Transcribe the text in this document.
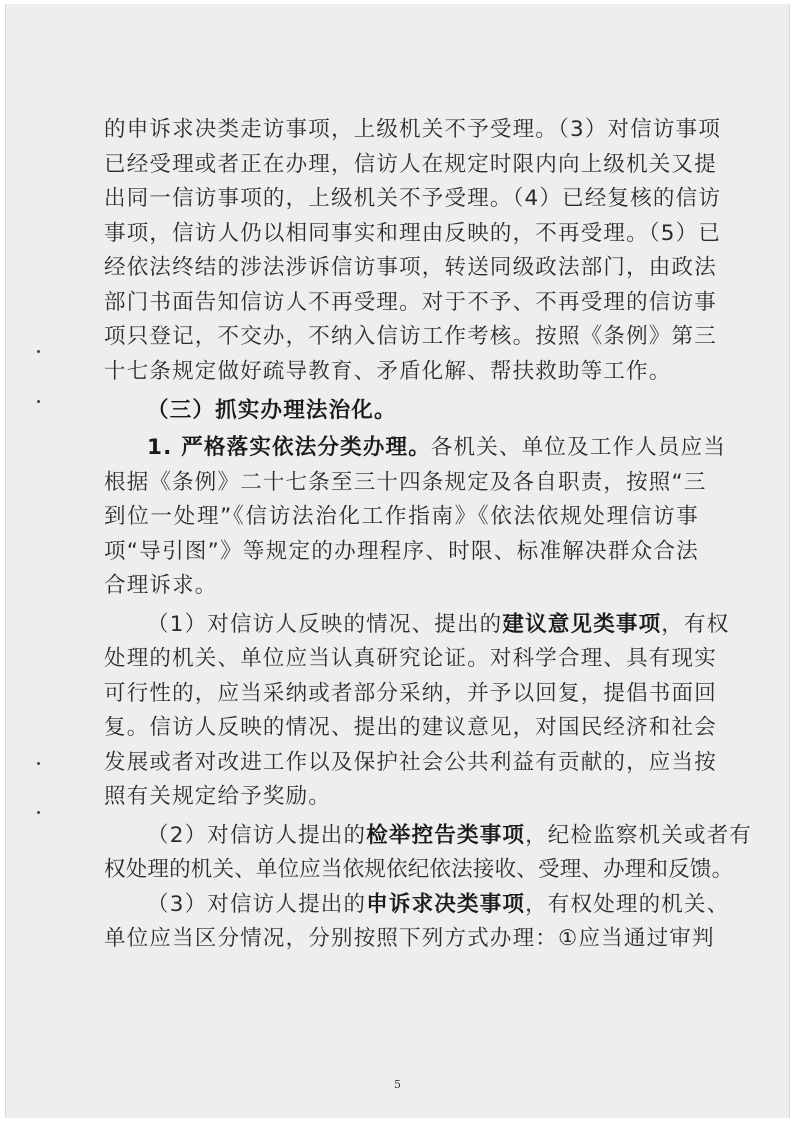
的申诉求决类走访事项，上级机关不予受理。（3）对信访事项
已经受理或者正在办理，信访人在规定时限内向上级机关又提
出同一信访事项的，上级机关不予受理。（4）已经复核的信访
事项，信访人仍以相同事实和理由反映的，不再受理。（5）已
经依法终结的涉法涉诉信访事项，转送同级政法部门，由政法
部门书面告知信访人不再受理。对于不予、不再受理的信访事
项只登记，不交办，不纳入信访工作考核。按照《条例》第三
十七条规定做好疏导教育、矛盾化解、帮扶救助等工作。

（三）抓实办理法治化。

1. 严格落实依法分类办理。各机关、单位及工作人员应当
根据《条例》二十七条至三十四条规定及各自职责，按照“三
到位一处理”《信访法治化工作指南》《依法依规处理信访事
项“导引图”》等规定的办理程序、时限、标准解决群众合法
合理诉求。

（1）对信访人反映的情况、提出的建议意见类事项，有权
处理的机关、单位应当认真研究论证。对科学合理、具有现实
可行性的，应当采纳或者部分采纳，并予以回复，提倡书面回
复。信访人反映的情况、提出的建议意见，对国民经济和社会
发展或者对改进工作以及保护社会公共利益有贡献的，应当按
照有关规定给予奖励。

（2）对信访人提出的检举控告类事项，纪检监察机关或者有
权处理的机关、单位应当依规依纪依法接收、受理、办理和反馈。

（3）对信访人提出的申诉求决类事项，有权处理的机关、
单位应当区分情况，分别按照下列方式办理：①应当通过审判

5
